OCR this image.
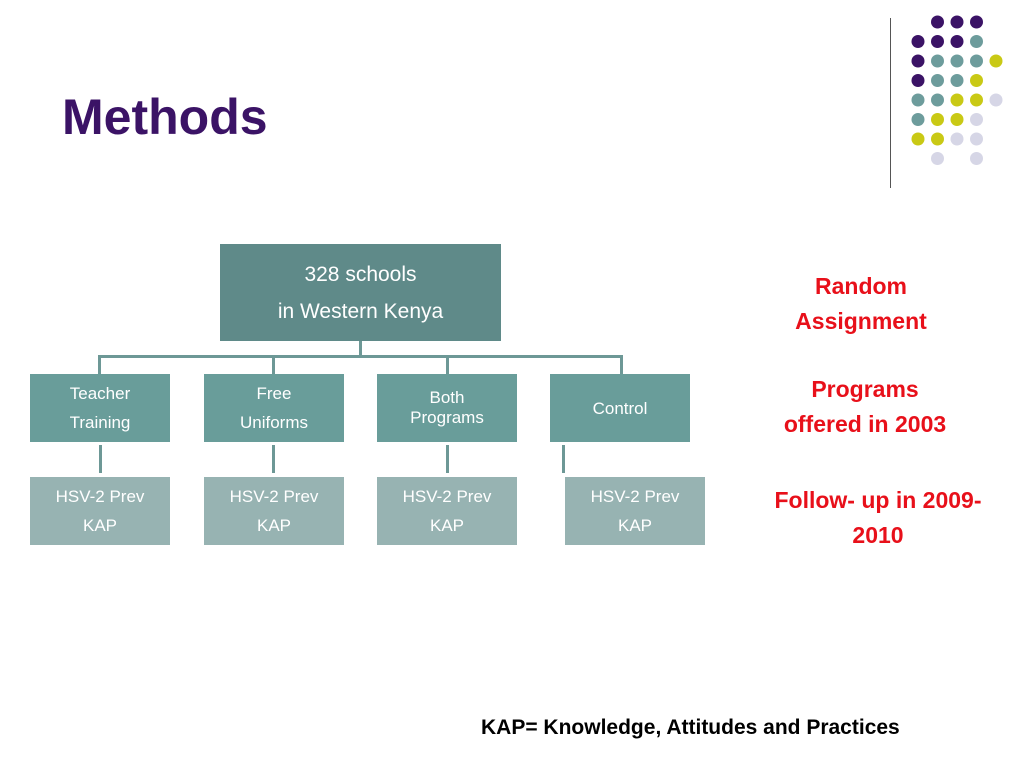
Methods
328 schools
in Western Kenya
Teacher
Training
Free
Uniforms
Both
Programs	Control
HSV-2 Prev
KAP
HSV-2 Prev
KAP
HSV-2 Prev
KAP
HSV-2 Prev
KAP
Random
Assignment
Programs
offered in 2003
Follow- up in 2009-
2010
KAP= Knowledge, Attitudes and Practices
